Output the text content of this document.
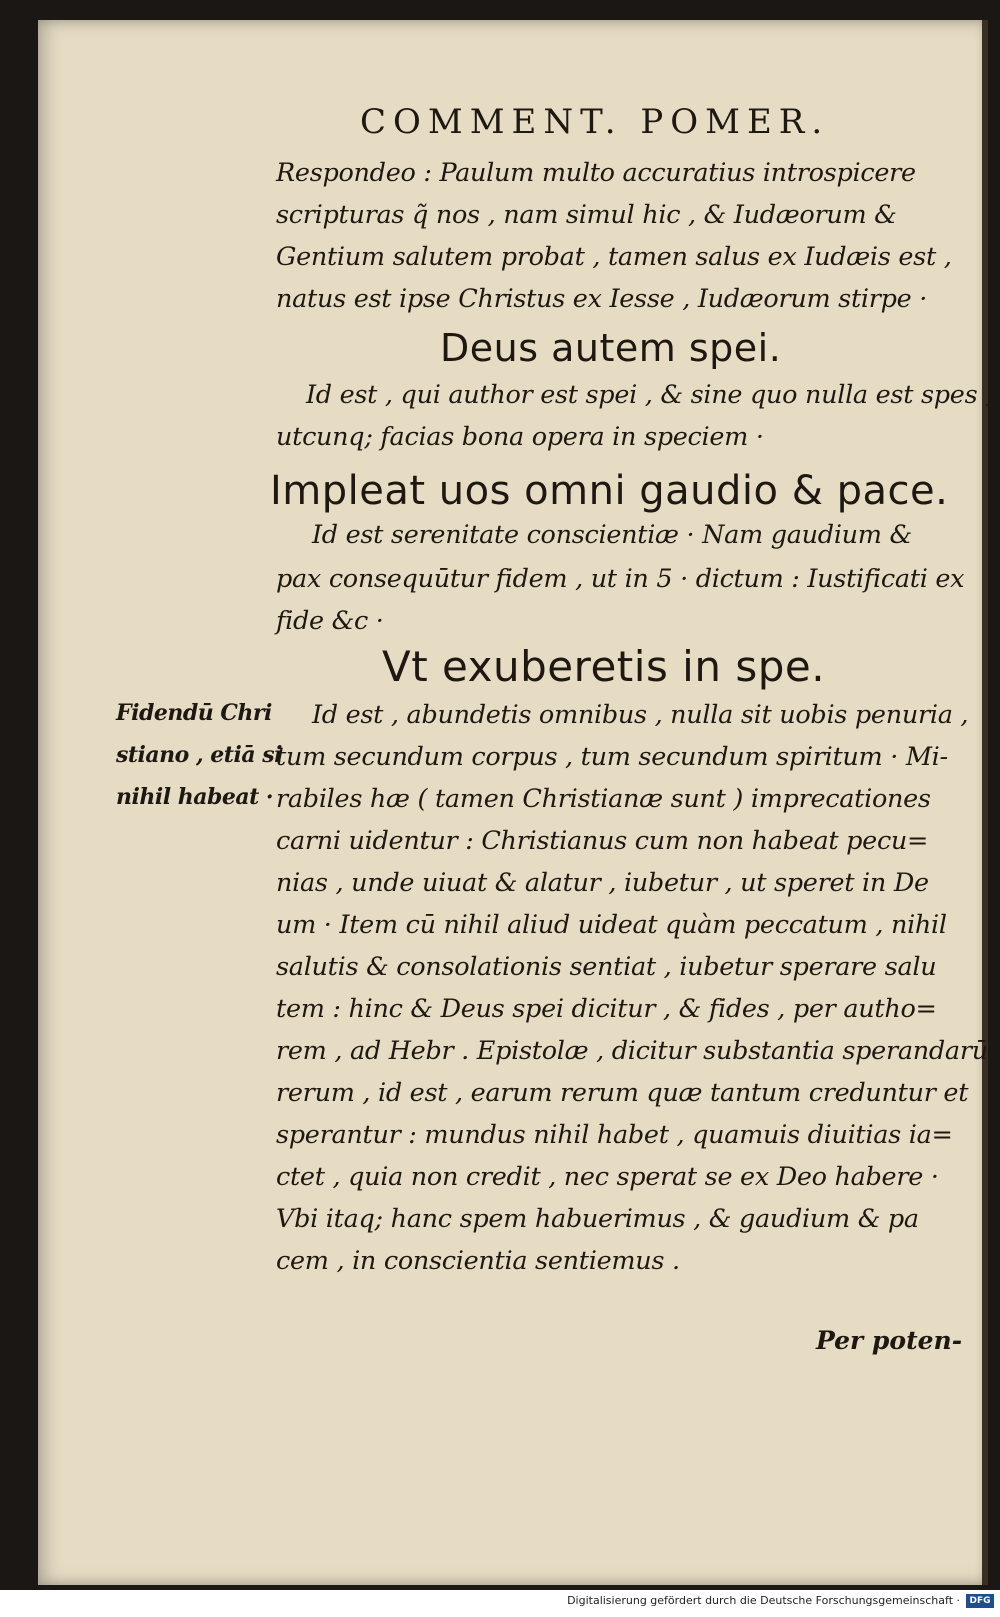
COMMENT. POMER.
Respondeo : Paulum multo accuratius introspicere
scripturas q̃ nos , nam simul hic , & Iudæorum &
Gentium salutem probat , tamen salus ex Iudæis est ,
natus est ipse Christus ex Iesse , Iudæorum stirpe ·
Deus autem spei.
Id est , qui author est spei , & sine quo nulla est spes ,
utcunq; facias bona opera in speciem ·
Impleat uos omni gaudio & pace.
Id est serenitate conscientiæ · Nam gaudium &
pax consequūtur fidem , ut in 5 · dictum : Iustificati ex
fide &c ·
Vt exuberetis in spe.
Fidendū Chri
stiano , etiā si
nihil habeat ·
Id est , abundetis omnibus , nulla sit uobis penuria ,
tum secundum corpus , tum secundum spiritum · Mi-
rabiles hæ ( tamen Christianæ sunt ) imprecationes
carni uidentur : Christianus cum non habeat pecu=
nias , unde uiuat & alatur , iubetur , ut speret in De
um · Item cū nihil aliud uideat quàm peccatum , nihil
salutis & consolationis sentiat , iubetur sperare salu
tem : hinc & Deus spei dicitur , & fides , per autho=
rem , ad Hebr . Epistolæ , dicitur substantia sperandarū
rerum , id est , earum rerum quæ tantum creduntur et
sperantur : mundus nihil habet , quamuis diuitias ia=
ctet , quia non credit , nec sperat se ex Deo habere ·
Vbi itaq; hanc spem habuerimus , & gaudium & pa
cem , in conscientia sentiemus .
Per poten-
Digitalisierung gefördert durch die Deutsche Forschungsgemeinschaft ·	DFG
